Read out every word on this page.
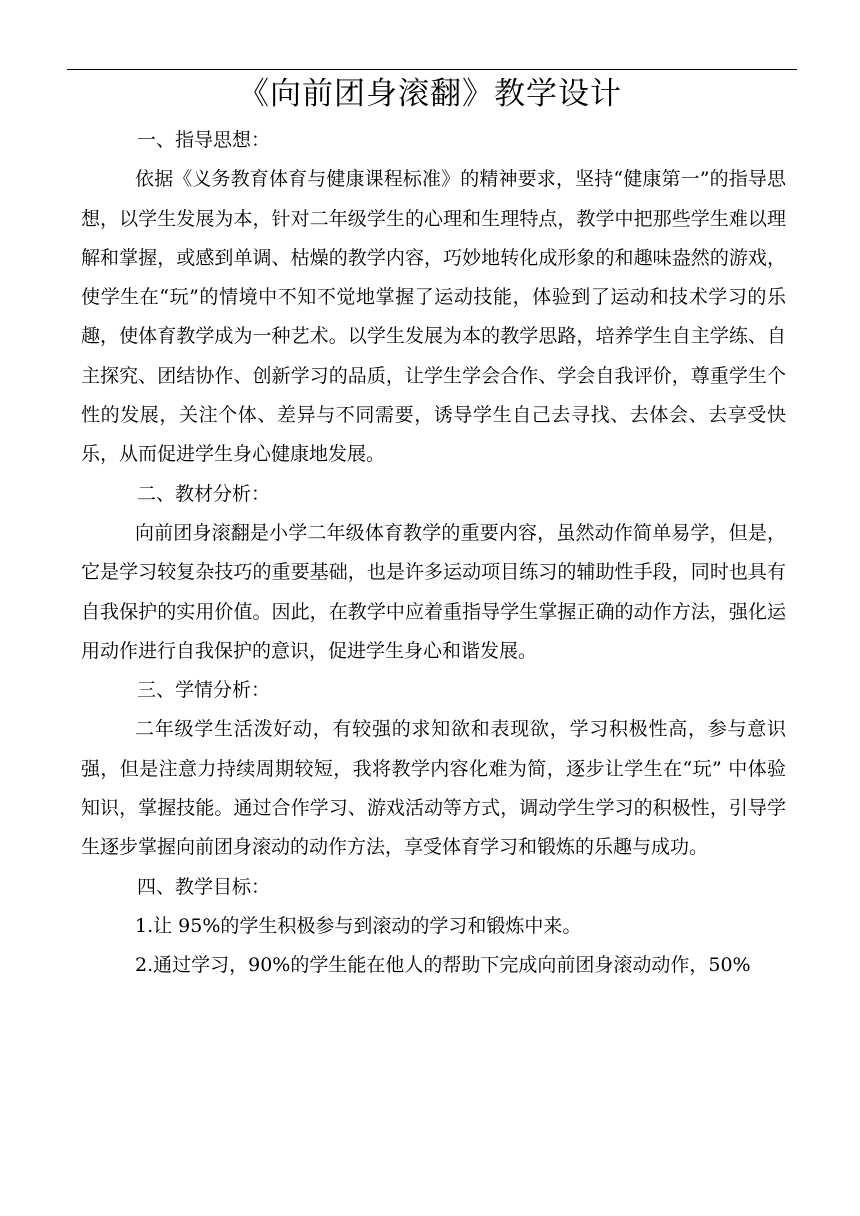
《向前团身滚翻》教学设计
一、指导思想：

依据《义务教育体育与健康课程标准》的精神要求，坚持“健康第一”的指导思想，以学生发展为本，针对二年级学生的心理和生理特点，教学中把那些学生难以理解和掌握，或感到单调、枯燥的教学内容，巧妙地转化成形象的和趣味盎然的游戏，使学生在“玩”的情境中不知不觉地掌握了运动技能，体验到了运动和技术学习的乐趣，使体育教学成为一种艺术。以学生发展为本的教学思路，培养学生自主学练、自主探究、团结协作、创新学习的品质，让学生学会合作、学会自我评价，尊重学生个性的发展，关注个体、差异与不同需要，诱导学生自己去寻找、去体会、去享受快乐，从而促进学生身心健康地发展。

二、教材分析：

向前团身滚翻是小学二年级体育教学的重要内容，虽然动作简单易学，但是，它是学习较复杂技巧的重要基础，也是许多运动项目练习的辅助性手段，同时也具有自我保护的实用价值。因此，在教学中应着重指导学生掌握正确的动作方法，强化运用动作进行自我保护的意识，促进学生身心和谐发展。

三、学情分析：

二年级学生活泼好动，有较强的求知欲和表现欲，学习积极性高，参与意识强，但是注意力持续周期较短，我将教学内容化难为简，逐步让学生在“玩” 中体验知识，掌握技能。通过合作学习、游戏活动等方式，调动学生学习的积极性，引导学生逐步掌握向前团身滚动的动作方法，享受体育学习和锻炼的乐趣与成功。

四、教学目标：
1.让 95%的学生积极参与到滚动的学习和锻炼中来。
2.通过学习，90%的学生能在他人的帮助下完成向前团身滚动动作，50%
